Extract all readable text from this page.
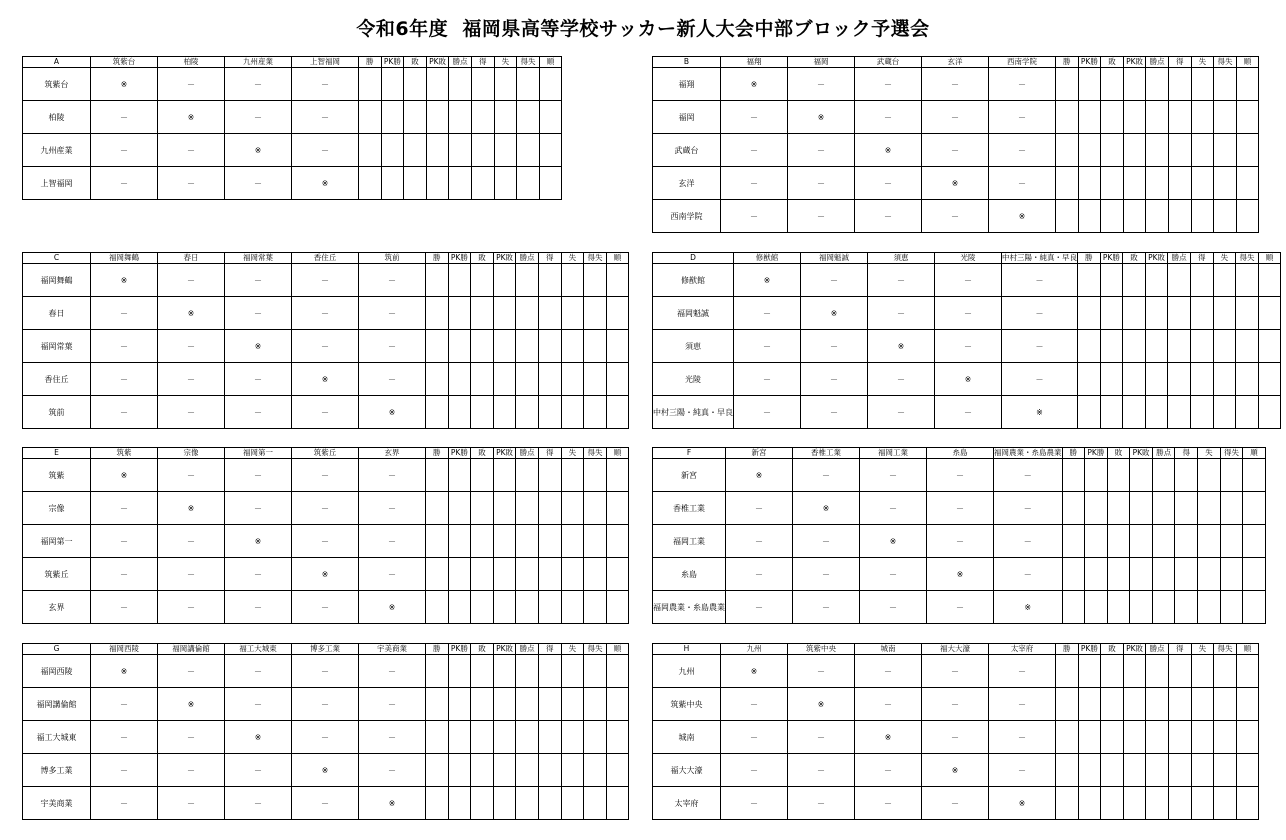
令和6年度  福岡県高等学校サッカー新人大会中部ブロック予選会
A	筑紫台	柏陵	九州産業	上智福岡	勝	PK勝	敗	PK敗	勝点	得	失	得失	順
筑紫台	※	－	－	－									
柏陵	－	※	－	－									
九州産業	－	－	※	－									
上智福岡	－	－	－	※									
B	福翔	福岡	武蔵台	玄洋	西南学院	勝	PK勝	敗	PK敗	勝点	得	失	得失	順
福翔	※	－	－	－	－									
福岡	－	※	－	－	－									
武蔵台	－	－	※	－	－									
玄洋	－	－	－	※	－									
西南学院	－	－	－	－	※									
C	福岡舞鶴	春日	福岡常葉	香住丘	筑前	勝	PK勝	敗	PK敗	勝点	得	失	得失	順
福岡舞鶴	※	－	－	－	－									
春日	－	※	－	－	－									
福岡常葉	－	－	※	－	－									
香住丘	－	－	－	※	－									
筑前	－	－	－	－	※									
D	修猷館	福岡魁誠	須恵	光陵	中村三陽・純真・早良	勝	PK勝	敗	PK敗	勝点	得	失	得失	順
修猷館	※	－	－	－	－									
福岡魁誠	－	※	－	－	－									
須恵	－	－	※	－	－									
光陵	－	－	－	※	－									
中村三陽・純真・早良	－	－	－	－	※									
E	筑紫	宗像	福岡第一	筑紫丘	玄界	勝	PK勝	敗	PK敗	勝点	得	失	得失	順
筑紫	※	－	－	－	－									
宗像	－	※	－	－	－									
福岡第一	－	－	※	－	－									
筑紫丘	－	－	－	※	－									
玄界	－	－	－	－	※									
F	新宮	香椎工業	福岡工業	糸島	福岡農業・糸島農業	勝	PK勝	敗	PK敗	勝点	得	失	得失	順
新宮	※	－	－	－	－									
香椎工業	－	※	－	－	－									
福岡工業	－	－	※	－	－									
糸島	－	－	－	※	－									
福岡農業・糸島農業	－	－	－	－	※									
G	福岡西陵	福岡講倫館	福工大城東	博多工業	宇美商業	勝	PK勝	敗	PK敗	勝点	得	失	得失	順
福岡西陵	※	－	－	－	－									
福岡講倫館	－	※	－	－	－									
福工大城東	－	－	※	－	－									
博多工業	－	－	－	※	－									
宇美商業	－	－	－	－	※									
H	九州	筑紫中央	城南	福大大濠	太宰府	勝	PK勝	敗	PK敗	勝点	得	失	得失	順
九州	※	－	－	－	－									
筑紫中央	－	※	－	－	－									
城南	－	－	※	－	－									
福大大濠	－	－	－	※	－									
太宰府	－	－	－	－	※									
